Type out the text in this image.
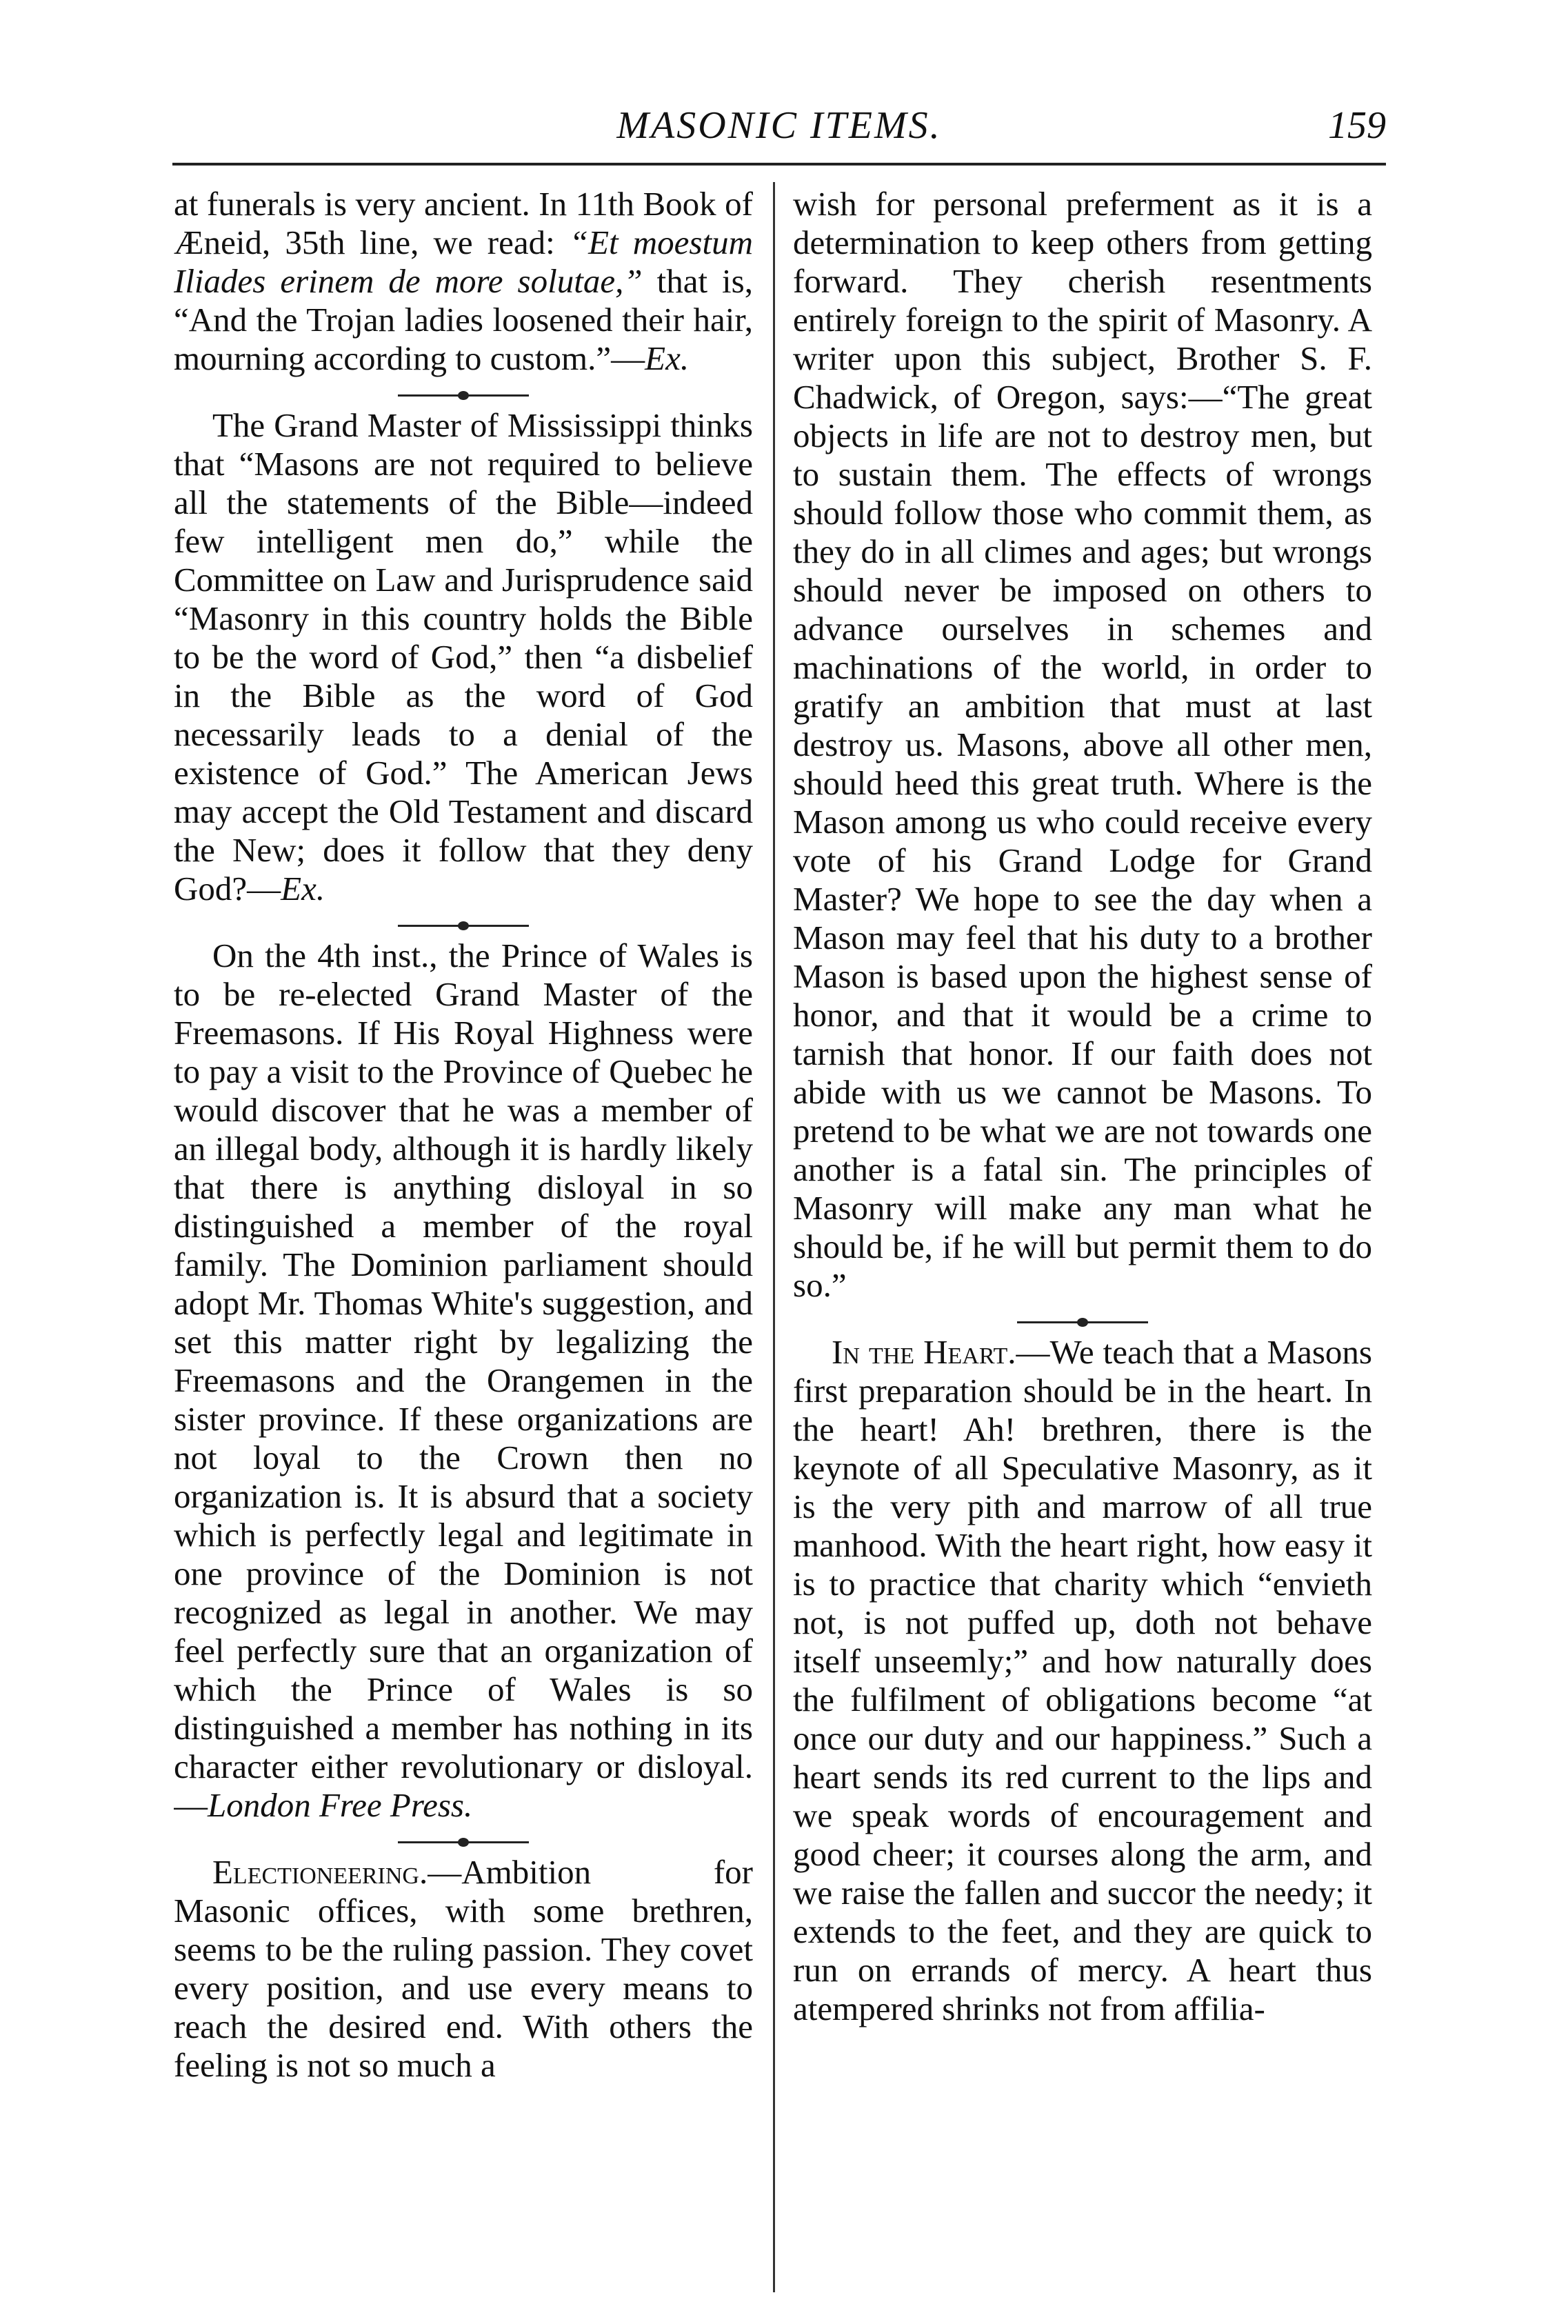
MASONIC ITEMS.	159

at funerals is very ancient. In 11th Book of Æneid, 35th line, we read: “Et moestum Iliades erinem de more solutae,” that is, “And the Trojan ladies loosened their hair, mourning according to custom.”—Ex.

The Grand Master of Mississippi thinks that “Masons are not required to believe all the statements of the Bible—indeed few intelligent men do,” while the Committee on Law and Jurisprudence said “Masonry in this country holds the Bible to be the word of God,” then “a disbelief in the Bible as the word of God necessarily leads to a denial of the existence of God.” The American Jews may accept the Old Testament and discard the New; does it follow that they deny God?—Ex.

On the 4th inst., the Prince of Wales is to be re-elected Grand Master of the Freemasons. If His Royal Highness were to pay a visit to the Province of Quebec he would discover that he was a member of an illegal body, although it is hardly likely that there is anything disloyal in so distinguished a member of the royal family. The Dominion parliament should adopt Mr. Thomas White's suggestion, and set this matter right by legalizing the Freemasons and the Orangemen in the sister province. If these organizations are not loyal to the Crown then no organization is. It is absurd that a society which is perfectly legal and legitimate in one province of the Dominion is not recognized as legal in another. We may feel perfectly sure that an organization of which the Prince of Wales is so distinguished a member has nothing in its character either revolutionary or disloyal.—London Free Press.

Electioneering.—Ambition for Masonic offices, with some brethren, seems to be the ruling passion. They covet every position, and use every means to reach the desired end. With others the feeling is not so much a

wish for personal preferment as it is a determination to keep others from getting forward. They cherish resentments entirely foreign to the spirit of Masonry. A writer upon this subject, Brother S. F. Chadwick, of Oregon, says:—“The great objects in life are not to destroy men, but to sustain them. The effects of wrongs should follow those who commit them, as they do in all climes and ages; but wrongs should never be imposed on others to advance ourselves in schemes and machinations of the world, in order to gratify an ambition that must at last destroy us. Masons, above all other men, should heed this great truth. Where is the Mason among us who could receive every vote of his Grand Lodge for Grand Master? We hope to see the day when a Mason may feel that his duty to a brother Mason is based upon the highest sense of honor, and that it would be a crime to tarnish that honor. If our faith does not abide with us we cannot be Masons. To pretend to be what we are not towards one another is a fatal sin. The principles of Masonry will make any man what he should be, if he will but permit them to do so.”

In the Heart.—We teach that a Masons first preparation should be in the heart. In the heart! Ah! brethren, there is the keynote of all Speculative Masonry, as it is the very pith and marrow of all true manhood. With the heart right, how easy it is to practice that charity which “envieth not, is not puffed up, doth not behave itself unseemly;” and how naturally does the fulfilment of obligations become “at once our duty and our happiness.” Such a heart sends its red current to the lips and we speak words of encouragement and good cheer; it courses along the arm, and we raise the fallen and succor the needy; it extends to the feet, and they are quick to run on errands of mercy. A heart thus atempered shrinks not from affilia-
